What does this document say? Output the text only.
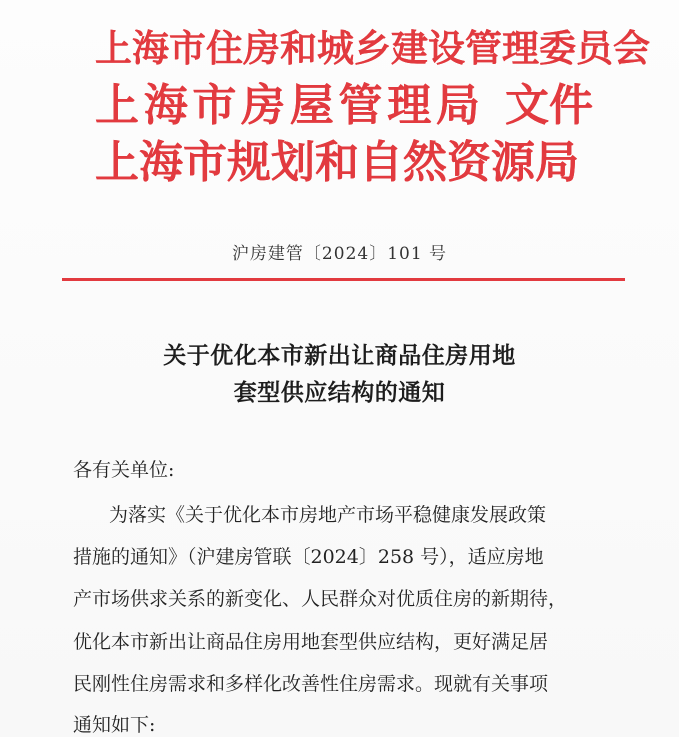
上海市住房和城乡建设管理委员会
上 海 市 房 屋 管 理 局 文件
上 海 市 规 划 和 自 然 资 源 局
沪房建管〔2024〕101 号
关于优化本市新出让商品住房用地
套型供应结构的通知
各有关单位:
为落实《关于优化本市房地产市场平稳健康发展政策
措施的通知》（沪建房管联〔2024〕258 号），适应房地
产市场供求关系的新变化、人民群众对优质住房的新期待，
优化本市新出让商品住房用地套型供应结构，更好满足居
民刚性住房需求和多样化改善性住房需求。现就有关事项
通知如下:
